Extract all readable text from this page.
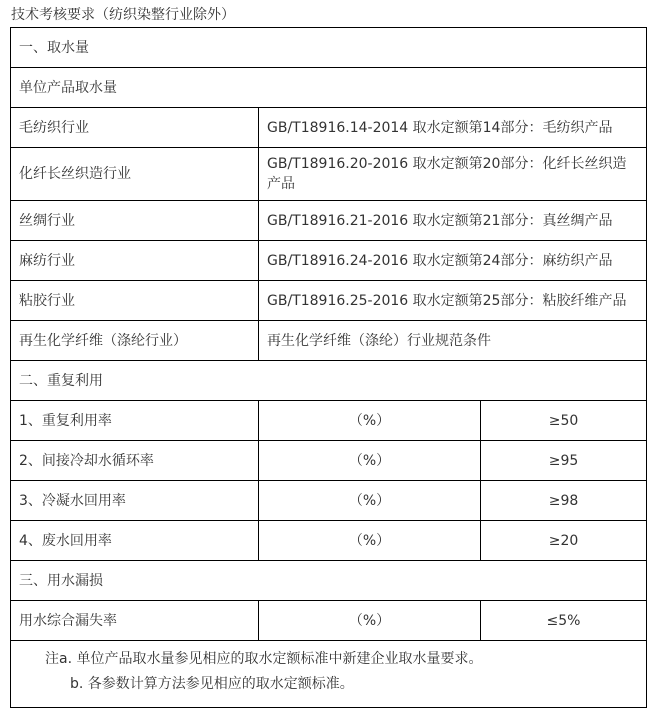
技术考核要求（纺织染整行业除外）
一、取水量		
单位产品取水量		
毛纺织行业	GB/T18916.14-2014 取水定额第14部分：毛纺织产品	
化纤长丝织造行业	GB/T18916.20-2016 取水定额第20部分：化纤长丝织造产品	
丝绸行业	GB/T18916.21-2016 取水定额第21部分：真丝绸产品	
麻纺行业	GB/T18916.24-2016 取水定额第24部分：麻纺织产品	
粘胶行业	GB/T18916.25-2016 取水定额第25部分：粘胶纤维产品	
再生化学纤维（涤纶行业）	再生化学纤维（涤纶）行业规范条件	
二、重复利用		
1、重复利用率	（%）	≥50
2、间接冷却水循环率	（%）	≥95
3、冷凝水回用率	（%）	≥98
4、废水回用率	（%）	≥20
三、用水漏损		
用水综合漏失率	（%）	≤5%

注a. 单位产品取水量参见相应的取水定额标准中新建企业取水量要求。
b. 各参数计算方法参见相应的取水定额标准。		
